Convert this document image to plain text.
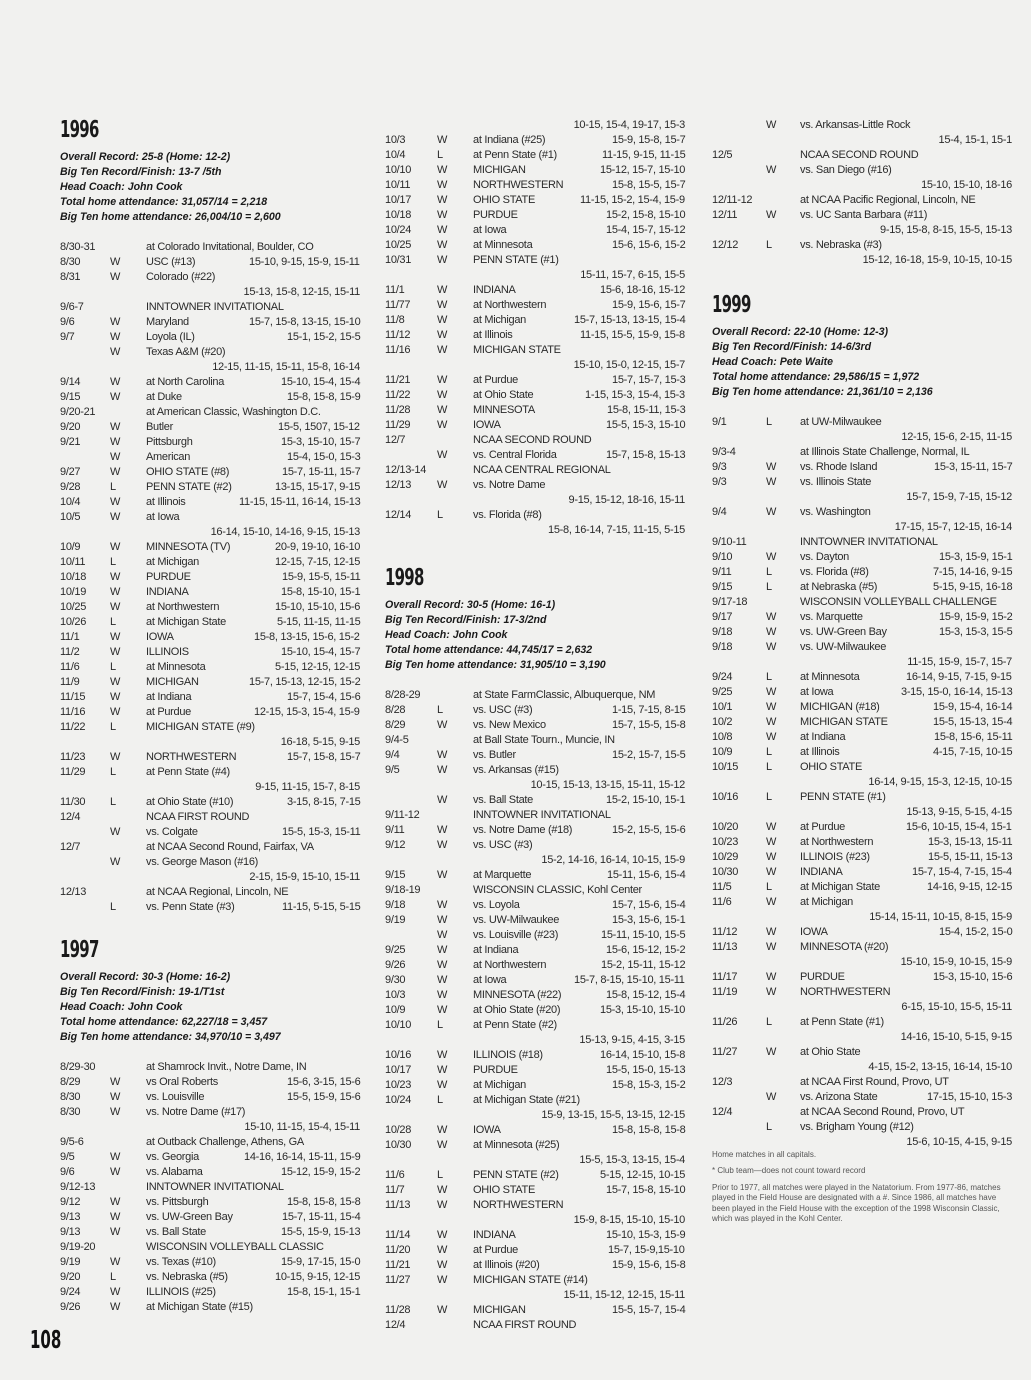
1996
Overall Record: 25-8 (Home: 12-2)
Big Ten Record/Finish: 13-7 /5th
Head Coach: John Cook
Total home attendance: 31,057/14 = 2,218
Big Ten home attendance: 26,004/10 = 2,600
8/30-31	at Colorado Invitational, Boulder, CO
8/30	W USC (#13)	15-10, 9-15, 15-9, 15-11
8/31	W Colorado (#22)
15-13, 15-8, 12-15, 15-11
9/6-7	INNTOWNER INVITATIONAL
9/6	W Maryland	15-7, 15-8, 13-15, 15-10
9/7	W Loyola (IL)	15-1, 15-2, 15-5
W Texas A&M (#20)
12-15, 11-15, 15-11, 15-8, 16-14
9/14	W at North Carolina	15-10, 15-4, 15-4
9/15	W at Duke	15-8, 15-8, 15-9
9/20-21	at American Classic, Washington D.C.
9/20	W Butler	15-5, 1507, 15-12
9/21	W Pittsburgh	15-3, 15-10, 15-7
W American	15-4, 15-0, 15-3
9/27	W OHIO STATE (#8)	15-7, 15-11, 15-7
9/28	L	PENN STATE (#2)	13-15, 15-17, 9-15
10/4	W at Illinois	11-15, 15-11, 16-14, 15-13
10/5	W at Iowa
16-14, 15-10, 14-16, 9-15, 15-13
10/9	W MINNESOTA (TV)	20-9, 19-10, 16-10
10/11 L	at Michigan	12-15, 7-15, 12-15
10/18 W PURDUE	15-9, 15-5, 15-11
10/19 W INDIANA	15-8, 15-10, 15-1
10/25 W at Northwestern	15-10, 15-10, 15-6
10/26 L	at Michigan State	5-15, 11-15, 11-15
11/1	W IOWA	15-8, 13-15, 15-6, 15-2
11/2	W ILLINOIS	15-10, 15-4, 15-7
11/6	L	at Minnesota	5-15, 12-15, 12-15
11/9	W MICHIGAN	15-7, 15-13, 12-15, 15-2
11/15 W at Indiana	15-7, 15-4, 15-6
11/16 W at Purdue	12-15, 15-3, 15-4, 15-9
11/22 L	MICHIGAN STATE (#9)
16-18, 5-15, 9-15
11/23 W NORTHWESTERN	15-7, 15-8, 15-7
11/29 L	at Penn State (#4)
9-15, 11-15, 15-7, 8-15
11/30 L	at Ohio State (#10)	3-15, 8-15, 7-15
12/4	NCAA FIRST ROUND
W vs. Colgate	15-5, 15-3, 15-11
12/7	at NCAA Second Round, Fairfax, VA
W vs. George Mason (#16)
2-15, 15-9, 15-10, 15-11
12/13	at NCAA Regional, Lincoln, NE
L	vs. Penn State (#3)	11-15, 5-15, 5-15
1997
Overall Record: 30-3 (Home: 16-2)
Big Ten Record/Finish: 19-1/T1st
Head Coach: John Cook
Total home attendance: 62,227/18 = 3,457
Big Ten home attendance: 34,970/10 = 3,497
8/29-30	at Shamrock Invit., Notre Dame, IN
8/29	W vs Oral Roberts	15-6, 3-15, 15-6
8/30	W vs. Louisville	15-5, 15-9, 15-6
8/30	W vs. Notre Dame (#17)
15-10, 11-15, 15-4, 15-11
9/5-6	at Outback Challenge, Athens, GA
9/5	W vs. Georgia	14-16, 16-14, 15-11, 15-9
9/6	W vs. Alabama	15-12, 15-9, 15-2
9/12-13	INNTOWNER INVITATIONAL
9/12	W vs. Pittsburgh	15-8, 15-8, 15-8
9/13	W vs. UW-Green Bay	15-7, 15-11, 15-4
9/13	W vs. Ball State	15-5, 15-9, 15-13
9/19-20	WISCONSIN VOLLEYBALL CLASSIC
9/19	W vs. Texas (#10)	15-9, 17-15, 15-0
9/20	L	vs. Nebraska (#5)	10-15, 9-15, 12-15
9/24	W ILLINOIS (#25)	15-8, 15-1, 15-1
9/26	W at Michigan State (#15)
10-15, 15-4, 19-17, 15-3
10/3	W at Indiana (#25)	15-9, 15-8, 15-7
10/4	L	at Penn State (#1)	11-15, 9-15, 11-15
10/10 W MICHIGAN	15-12, 15-7, 15-10
10/11 W NORTHWESTERN	15-8, 15-5, 15-7
10/17 W OHIO STATE	11-15, 15-2, 15-4, 15-9
10/18 W PURDUE	15-2, 15-8, 15-10
10/24 W at Iowa	15-4, 15-7, 15-12
10/25 W at Minnesota	15-6, 15-6, 15-2
10/31 W PENN STATE (#1)
15-11, 15-7, 6-15, 15-5
11/1	W INDIANA	15-6, 18-16, 15-12
11/77 W at Northwestern	15-9, 15-6, 15-7
11/8	W at Michigan	15-7, 15-13, 13-15, 15-4
11/12 W at Illinois	11-15, 15-5, 15-9, 15-8
11/16 W MICHIGAN STATE
15-10, 15-0, 12-15, 15-7
11/21 W at Purdue	15-7, 15-7, 15-3
11/22 W at Ohio State	1-15, 15-3, 15-4, 15-3
11/28 W MINNESOTA	15-8, 15-11, 15-3
11/29 W IOWA	15-5, 15-3, 15-10
12/7	NCAA SECOND ROUND
W vs. Central Florida	15-7, 15-8, 15-13
12/13-14	NCAA CENTRAL REGIONAL
12/13 W vs. Notre Dame
9-15, 15-12, 18-16, 15-11
12/14 L	vs. Florida (#8)
15-8, 16-14, 7-15, 11-15, 5-15
1998
Overall Record: 30-5 (Home: 16-1)
Big Ten Record/Finish: 17-3/2nd
Head Coach: John Cook
Total home attendance: 44,745/17 = 2,632
Big Ten home attendance: 31,905/10 = 3,190
8/28-29	at State FarmClassic, Albuquerque, NM
8/28	L	vs. USC (#3)	1-15, 7-15, 8-15
8/29	W vs. New Mexico	15-7, 15-5, 15-8
9/4-5	at Ball State Tourn., Muncie, IN
9/4	W vs. Butler	15-2, 15-7, 15-5
9/5	W vs. Arkansas (#15)
10-15, 15-13, 13-15, 15-11, 15-12
W vs. Ball State	15-2, 15-10, 15-1
9/11-12	INNTOWNER INVITATIONAL
9/11	W vs. Notre Dame (#18)	15-2, 15-5, 15-6
9/12	W vs. USC (#3)
15-2, 14-16, 16-14, 10-15, 15-9
9/15	W at Marquette	15-11, 15-6, 15-4
9/18-19	WISCONSIN CLASSIC, Kohl Center
9/18	W vs. Loyola	15-7, 15-6, 15-4
9/19	W vs. UW-Milwaukee	15-3, 15-6, 15-1
W vs. Louisville (#23)	15-11, 15-10, 15-5
9/25	W at Indiana	15-6, 15-12, 15-2
9/26	W at Northwestern	15-2, 15-11, 15-12
9/30	W at Iowa	15-7, 8-15, 15-10, 15-11
10/3	W MINNESOTA (#22)	15-8, 15-12, 15-4
10/9	W at Ohio State (#20)	15-3, 15-10, 15-10
10/10 L	at Penn State (#2)
15-13, 9-15, 4-15, 3-15
10/16 W ILLINOIS (#18)	16-14, 15-10, 15-8
10/17 W PURDUE	15-5, 15-0, 15-13
10/23 W at Michigan	15-8, 15-3, 15-2
10/24 L	at Michigan State (#21)
15-9, 13-15, 15-5, 13-15, 12-15
10/28 W IOWA	15-8, 15-8, 15-8
10/30 W at Minnesota (#25)
15-5, 15-3, 13-15, 15-4
11/6	L	PENN STATE (#2)	5-15, 12-15, 10-15
11/7	W OHIO STATE	15-7, 15-8, 15-10
11/13 W NORTHWESTERN
15-9, 8-15, 15-10, 15-10
11/14 W INDIANA	15-10, 15-3, 15-9
11/20 W at Purdue	15-7, 15-9,15-10
11/21 W at Illinois (#20)	15-9, 15-6, 15-8
11/27 W MICHIGAN STATE (#14)
15-11, 15-12, 12-15, 15-11
11/28 W MICHIGAN	15-5, 15-7, 15-4
12/4	NCAA FIRST ROUND
W vs. Arkansas-Little Rock
15-4, 15-1, 15-1
12/5	NCAA SECOND ROUND
W vs. San Diego (#16)
15-10, 15-10, 18-16
12/11-12	at NCAA Pacific Regional, Lincoln, NE
12/11	W vs. UC Santa Barbara (#11)
9-15, 15-8, 8-15, 15-5, 15-13
12/12	L	vs. Nebraska (#3)
15-12, 16-18, 15-9, 10-15, 10-15
1999
Overall Record: 22-10 (Home: 12-3)
Big Ten Record/Finish: 14-6/3rd
Head Coach: Pete Waite
Total home attendance: 29,586/15 = 1,972
Big Ten home attendance: 21,361/10 = 2,136
9/1	L	at UW-Milwaukee
12-15, 15-6, 2-15, 11-15
9/3-4	at Illinois State Challenge, Normal, IL
9/3	W vs. Rhode Island	15-3, 15-11, 15-7
9/3	W vs. Illinois State
15-7, 15-9, 7-15, 15-12
9/4	W vs. Washington
17-15, 15-7, 12-15, 16-14
9/10-11	INNTOWNER INVITATIONAL
9/10	W vs. Dayton	15-3, 15-9, 15-1
9/11	L	vs. Florida (#8)	7-15, 14-16, 9-15
9/15	L	at Nebraska (#5)	5-15, 9-15, 16-18
9/17-18	WISCONSIN VOLLEYBALL CHALLENGE
9/17	W vs. Marquette	15-9, 15-9, 15-2
9/18	W vs. UW-Green Bay	15-3, 15-3, 15-5
9/18	W vs. UW-Milwaukee
11-15, 15-9, 15-7, 15-7
9/24	L	at Minnesota	16-14, 9-15, 7-15, 9-15
9/25	W at Iowa	3-15, 15-0, 16-14, 15-13
10/1	W MICHIGAN (#18)	15-9, 15-4, 16-14
10/2	W MICHIGAN STATE	15-5, 15-13, 15-4
10/8	W at Indiana	15-8, 15-6, 15-11
10/9	L	at Illinois	4-15, 7-15, 10-15
10/15	L	OHIO STATE
16-14, 9-15, 15-3, 12-15, 10-15
10/16	L	PENN STATE (#1)
15-13, 9-15, 5-15, 4-15
10/20	W at Purdue	15-6, 10-15, 15-4, 15-1
10/23	W at Northwestern	15-3, 15-13, 15-11
10/29	W ILLINOIS (#23)	15-5, 15-11, 15-13
10/30	W INDIANA	15-7, 15-4, 7-15, 15-4
11/5	L	at Michigan State	14-16, 9-15, 12-15
11/6	W at Michigan
15-14, 15-11, 10-15, 8-15, 15-9
11/12	W IOWA	15-4, 15-2, 15-0
11/13	W MINNESOTA (#20)
15-10, 15-9, 10-15, 15-9
11/17	W PURDUE	15-3, 15-10, 15-6
11/19	W NORTHWESTERN
6-15, 15-10, 15-5, 15-11
11/26	L	at Penn State (#1)
14-16, 15-10, 5-15, 9-15
11/27	W at Ohio State
4-15, 15-2, 13-15, 16-14, 15-10
12/3	at NCAA First Round, Provo, UT
W vs. Arizona State	17-15, 15-10, 15-3
12/4	at NCAA Second Round, Provo, UT
L	vs. Brigham Young (#12)
15-6, 10-15, 4-15, 9-15
Home matches in all capitals.
* Club team—does not count toward record
Prior to 1977, all matches were played in the Natatorium. From 1977-86, matches played in the Field House are designated with a #. Since 1986, all matches have been played in the Field House with the exception of the 1998 Wisconsin Classic, which was played in the Kohl Center.
108
